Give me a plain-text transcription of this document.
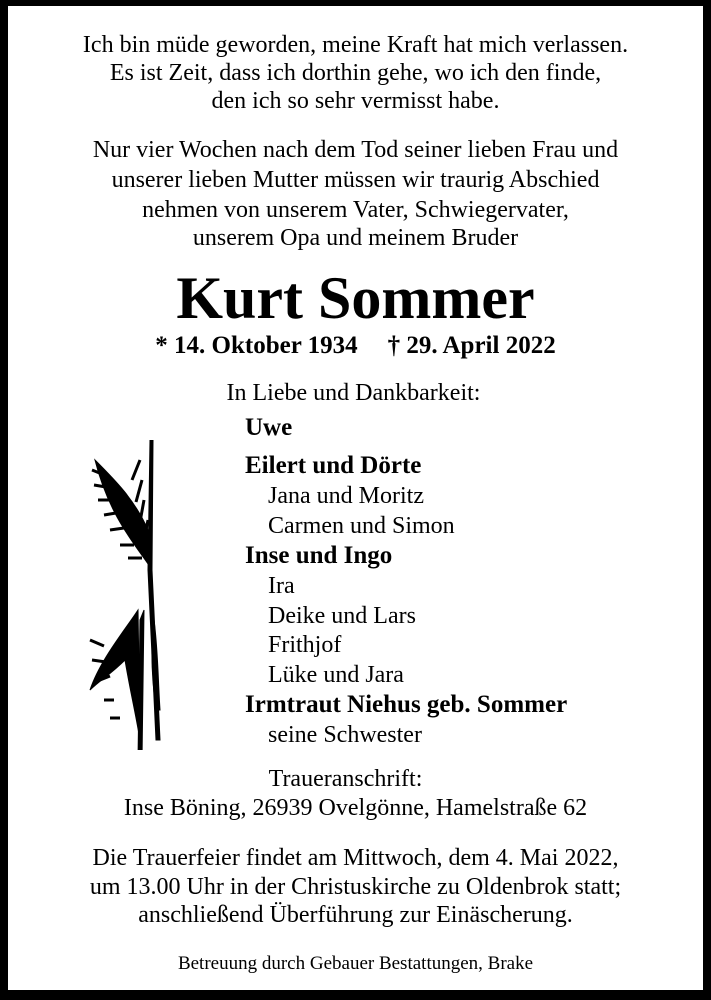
Ich bin müde geworden, meine Kraft hat mich verlassen.
Es ist Zeit, dass ich dorthin gehe, wo ich den finde,
den ich so sehr vermisst habe.
Nur vier Wochen nach dem Tod seiner lieben Frau und
unserer lieben Mutter müssen wir traurig Abschied
nehmen von unserem Vater, Schwiegervater,
unserem Opa und meinem Bruder
Kurt Sommer
* 14. Oktober 1934 † 29. April 2022
In Liebe und Dankbarkeit:
Uwe
Eilert und Dörte
Jana und Moritz
Carmen und Simon
Inse und Ingo
Ira
Deike und Lars
Frithjof
Lüke und Jara
Irmtraut Niehus geb. Sommer
seine Schwester
Traueranschrift:
Inse Böning, 26939 Ovelgönne, Hamelstraße 62
Die Trauerfeier findet am Mittwoch, dem 4. Mai 2022,
um 13.00 Uhr in der Christuskirche zu Oldenbrok statt;
anschließend Überführung zur Einäscherung.
Betreuung durch Gebauer Bestattungen, Brake
